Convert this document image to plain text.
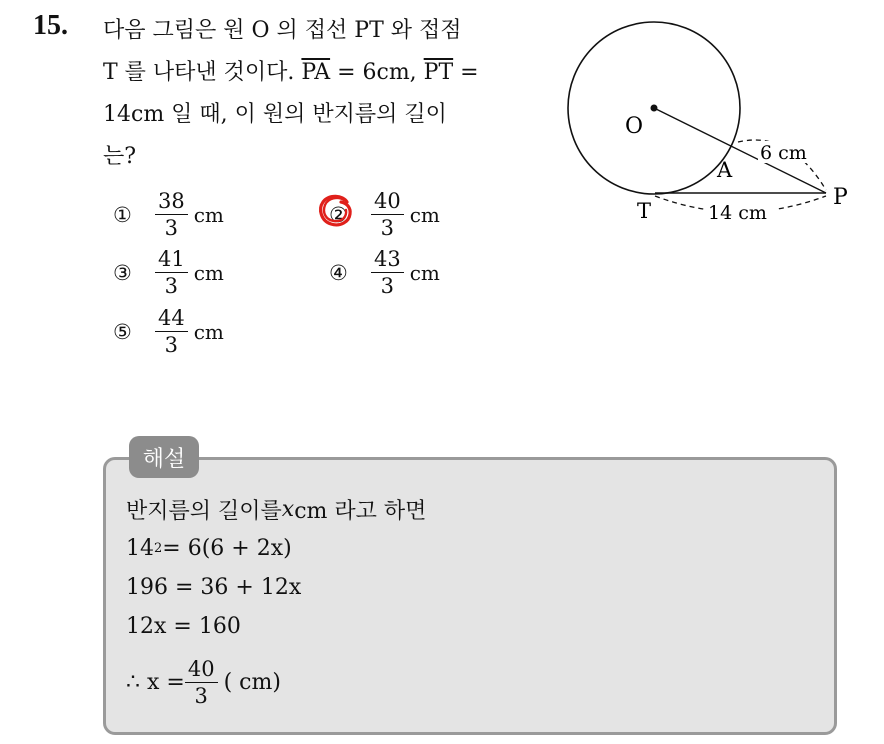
15. 다음 그림은 원 O 의 접선 PT 와 접점
T 를 나타낸 것이다. $\overline{PA} = 6cm$, $\overline{PT}$ =
14cm 일 때, 이 원의 반지름의 길이
는?
①	$\frac{38}{3}$ cm	②	$\frac{40}{3}$ cm
③	$\frac{41}{3}$ cm	④	$\frac{43}{3}$ cm
⑤	$\frac{44}{3}$ cm
O
A
T
P
6 cm
14 cm
해설
반지름의 길이를 x cm 라고 하면
14 2 = 6(6 + 2x)
196 = 36 + 12x
12x = 160
∴ $x = \frac{40}{3}$ ( cm)
